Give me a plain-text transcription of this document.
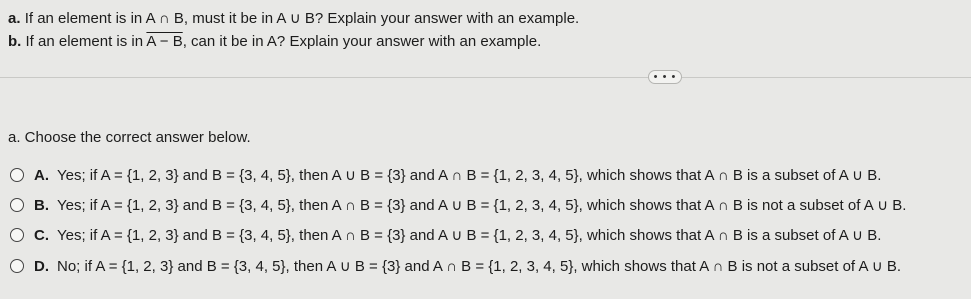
a. If an element is in A ∩ B, must it be in A ∪ B? Explain your answer with an example.
b. If an element is in A − B, can it be in A? Explain your answer with an example.
• • •
a. Choose the correct answer below.
A. Yes; if A = {1, 2, 3} and B = {3, 4, 5}, then A ∪ B = {3} and A ∩ B = {1, 2, 3, 4, 5}, which shows that A ∩ B is a subset of A ∪ B.
B. Yes; if A = {1, 2, 3} and B = {3, 4, 5}, then A ∩ B = {3} and A ∪ B = {1, 2, 3, 4, 5}, which shows that A ∩ B is not a subset of A ∪ B.
C. Yes; if A = {1, 2, 3} and B = {3, 4, 5}, then A ∩ B = {3} and A ∪ B = {1, 2, 3, 4, 5}, which shows that A ∩ B is a subset of A ∪ B.
D. No; if A = {1, 2, 3} and B = {3, 4, 5}, then A ∪ B = {3} and A ∩ B = {1, 2, 3, 4, 5}, which shows that A ∩ B is not a subset of A ∪ B.
